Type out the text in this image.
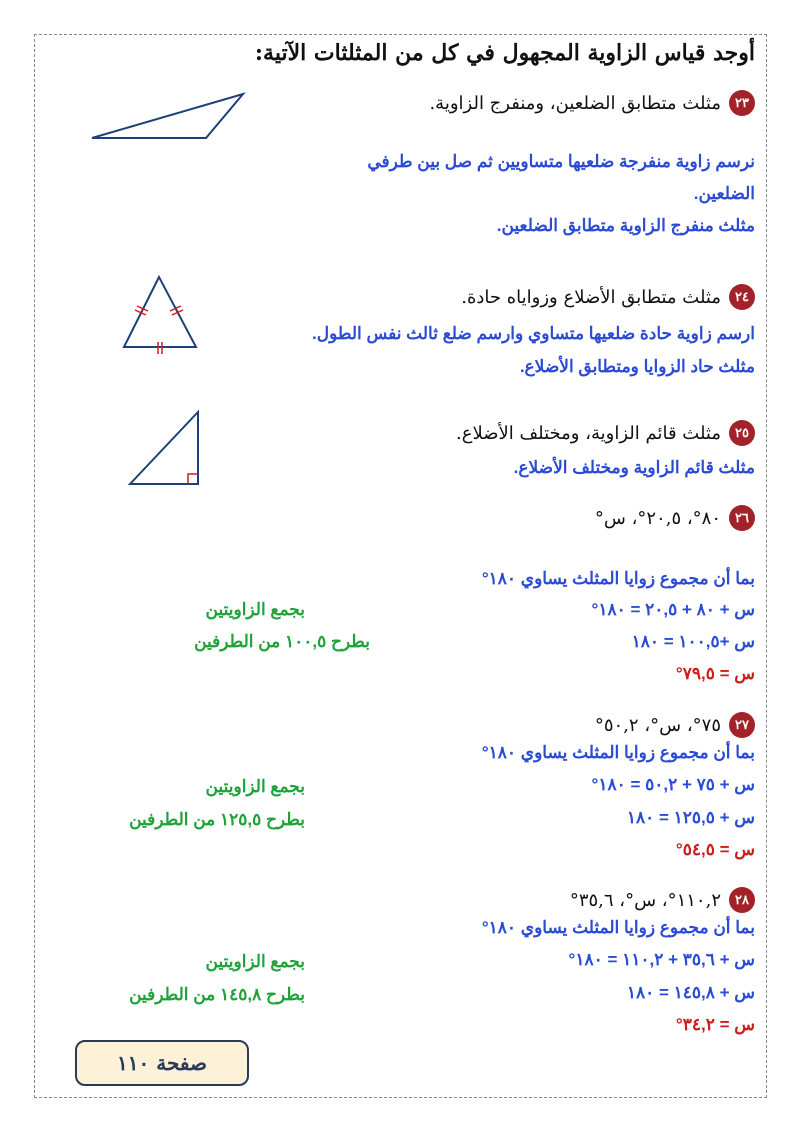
أوجد قياس الزاوية المجهول في كل من المثلثات الآتية:
٢٣
مثلث متطابق الضلعين، ومنفرج الزاوية.
نرسم زاوية منفرجة ضلعيها متساويين ثم صل بين طرفي
الضلعين.
مثلث منفرج الزاوية متطابق الضلعين.
٢٤
مثلث متطابق الأضلاع وزواياه حادة.
ارسم زاوية حادة ضلعيها متساوي وارسم ضلع ثالث نفس الطول.
مثلث حاد الزوايا ومتطابق الأضلاع.
٢٥
مثلث قائم الزاوية، ومختلف الأضلاع.
مثلث قائم الزاوية ومختلف الأضلاع.
٢٦
٨٠°، ٢٠,٥°، س°
بما أن مجموع زوايا المثلث يساوي ١٨٠°
س + ٨٠ + ٢٠,٥ = ١٨٠°
س +١٠٠,٥ = ١٨٠
س = ٧٩,٥°
بجمع الزاويتين
بطرح ١٠٠,٥ من الطرفين
٢٧
٧٥°، س°، ٥٠,٢°
بما أن مجموع زوايا المثلث يساوي ١٨٠°
س + ٧٥ + ٥٠,٢ = ١٨٠°
س + ١٢٥,٥ = ١٨٠
س = ٥٤,٥°
بجمع الزاويتين
بطرح ١٢٥,٥ من الطرفين
٢٨
١١٠,٢°، س°، ٣٥,٦°
بما أن مجموع زوايا المثلث يساوي ١٨٠°
س + ٣٥,٦ + ١١٠,٢ = ١٨٠°
س + ١٤٥,٨ = ١٨٠
س = ٣٤,٢°
بجمع الزاويتين
بطرح ١٤٥,٨ من الطرفين
صفحة ١١٠
